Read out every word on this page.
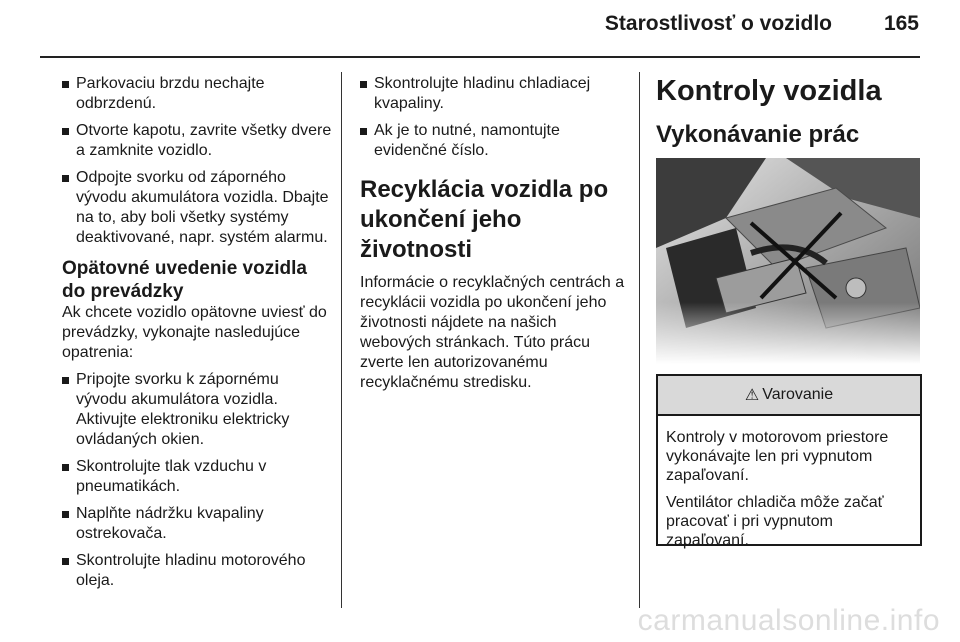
Starostlivosť o vozidlo 165
Parkovaciu brzdu nechajte odbrzdenú.
Otvorte kapotu, zavrite všetky dvere a zamknite vozidlo.
Odpojte svorku od záporného vývodu akumulátora vozidla. Dbajte na to, aby boli všetky systémy deaktivované, napr. systém alarmu.
Opätovné uvedenie vozidla do prevádzky

Ak chcete vozidlo opätovne uviesť do prevádzky, vykonajte nasledujúce opatrenia:

Pripojte svorku k zápornému vývodu akumulátora vozidla. Aktivujte elektroniku elektricky ovládaných okien.
Skontrolujte tlak vzduchu v pneumatikách.
Naplňte nádržku kvapaliny ostrekovača.
Skontrolujte hladinu motorového oleja.
Skontrolujte hladinu chladiacej kvapaliny.
Ak je to nutné, namontujte evidenčné číslo.
Recyklácia vozidla po ukončení jeho životnosti

Informácie o recyklačných centrách a recyklácii vozidla po ukončení jeho životnosti nájdete na našich webových stránkach. Túto prácu zverte len autorizovanému recyklačnému stredisku.

Kontroly vozidla
Vykonávanie prác
⚠ Varovanie

Kontroly v motorovom priestore vykonávajte len pri vypnutom zapaľovaní.

Ventilátor chladiča môže začať pracovať i pri vypnutom zapaľovaní.

carmanualsonline.info
